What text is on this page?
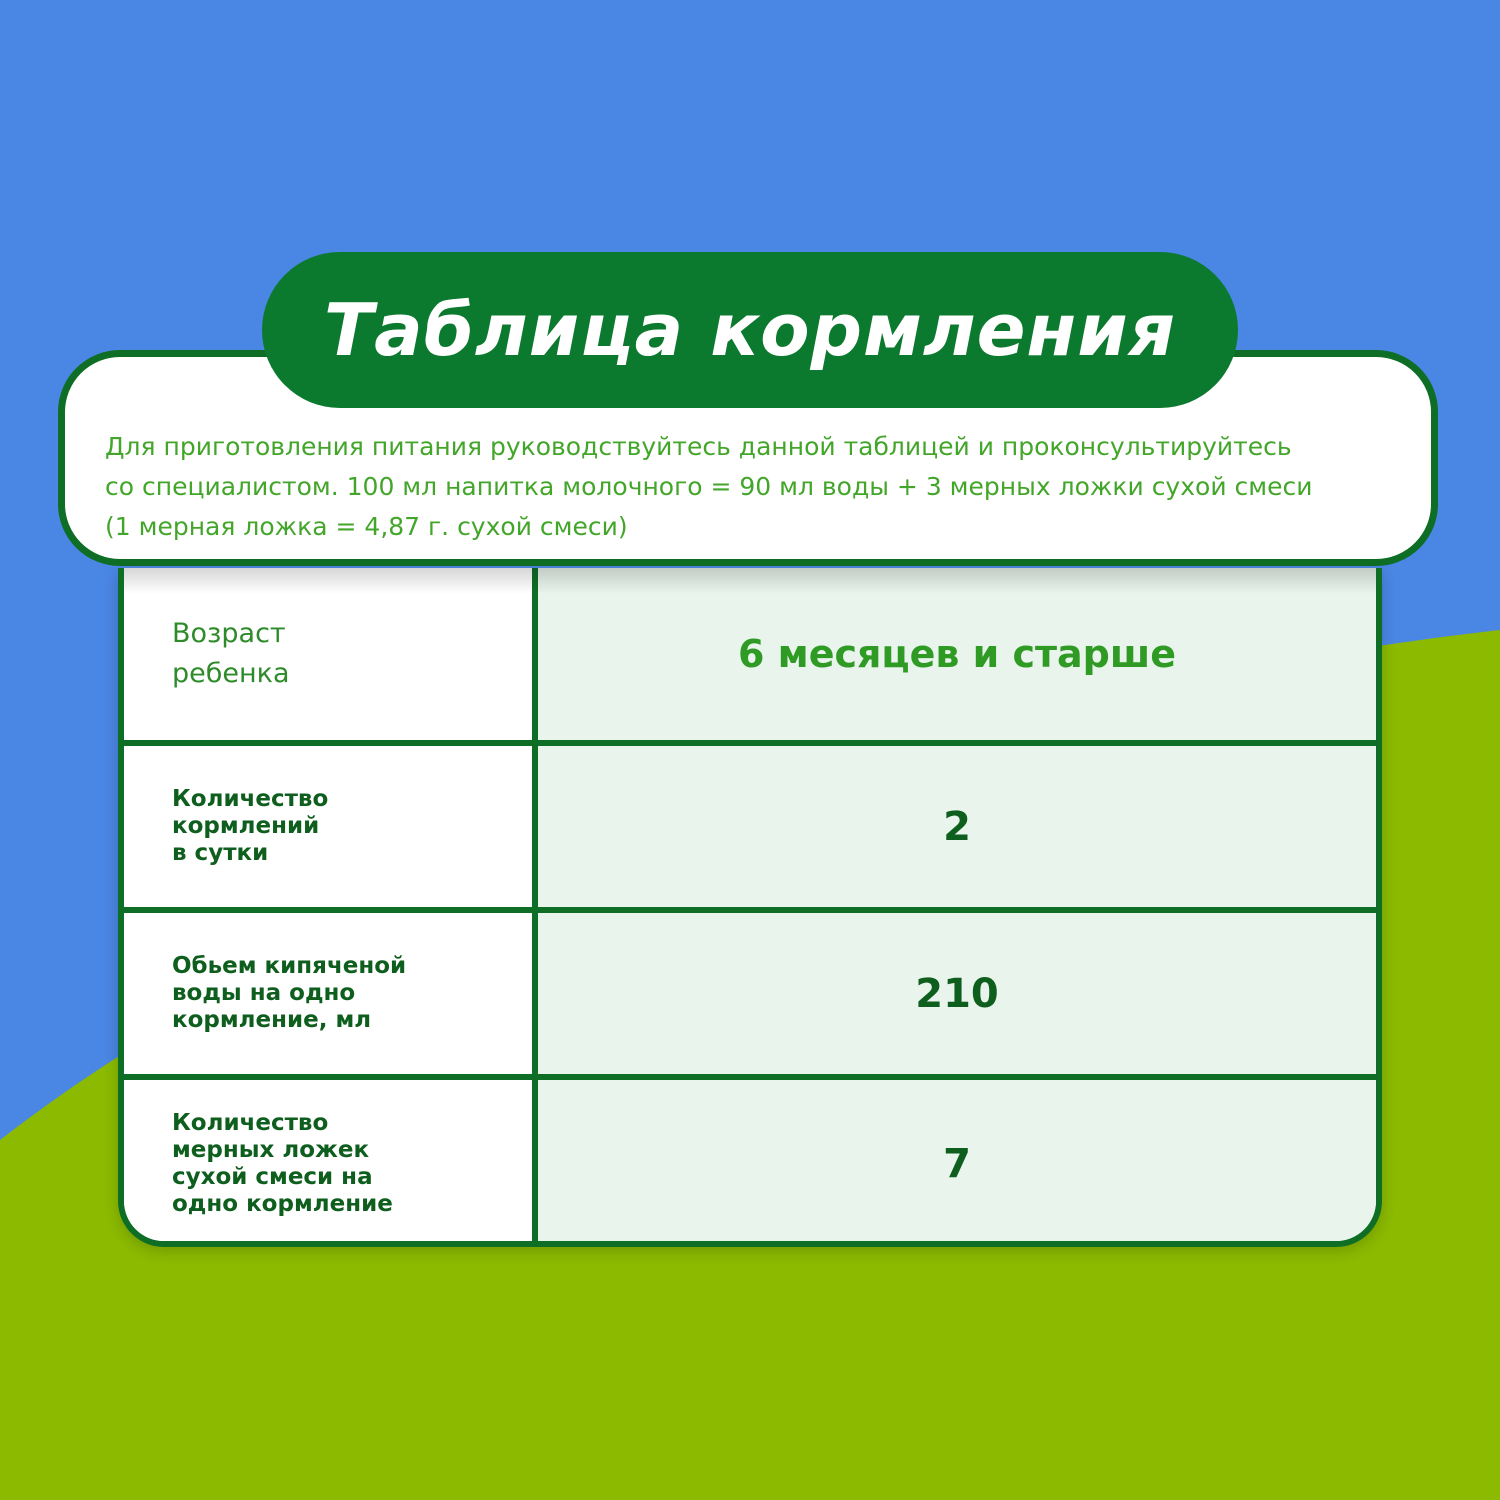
Для приготовления питания руководствуйтесь данной таблицей и проконсультируйтесь
со специалистом. 100 мл напитка молочного = 90 мл воды + 3 мерных ложки сухой смеси
(1 мерная ложка = 4,87 г. сухой смеси)

Таблица кормления
Возраст
ребенка	6 месяцев и старше
Количество
кормлений
в сутки
2
Обьем кипяченой
воды на одно
кормление, мл
210
Количество
мерных ложек
сухой смеси на
одно кормление
7
